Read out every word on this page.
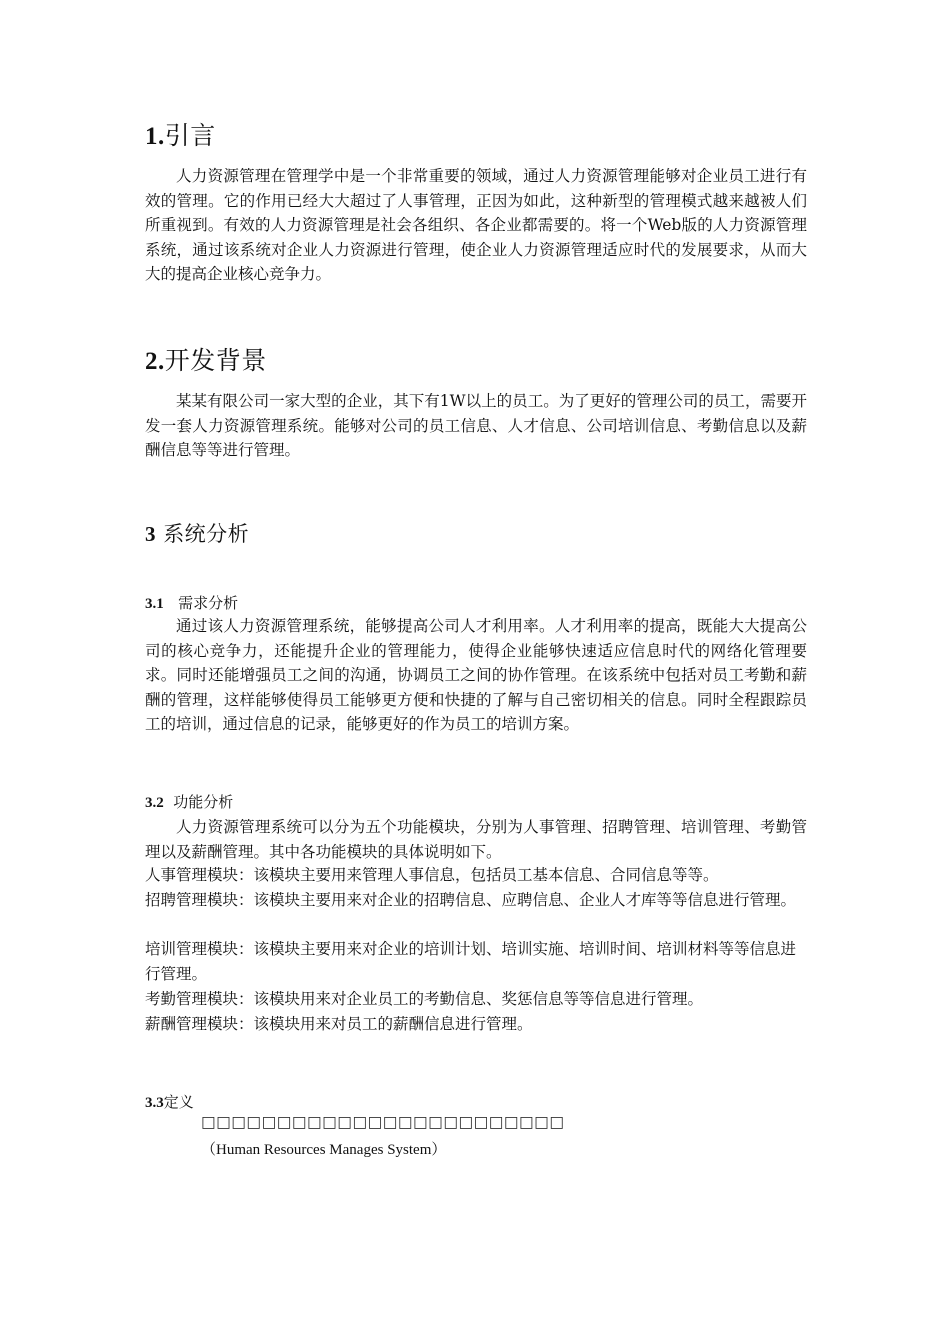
1.引言
人力资源管理在管理学中是一个非常重要的领域，通过人力资源管理能够对企业员工进行有效的管理。它的作用已经大大超过了人事管理，正因为如此，这种新型的管理模式越来越被人们所重视到。有效的人力资源管理是社会各组织、各企业都需要的。将一个Web版的人力资源管理系统，通过该系统对企业人力资源进行管理，使企业人力资源管理适应时代的发展要求，从而大大的提高企业核心竞争力。
2.开发背景
某某有限公司一家大型的企业，其下有1W以上的员工。为了更好的管理公司的员工，需要开发一套人力资源管理系统。能够对公司的员工信息、人才信息、公司培训信息、考勤信息以及薪酬信息等等进行管理。
3 系统分析
3.1 需求分析
通过该人力资源管理系统，能够提高公司人才利用率。人才利用率的提高，既能大大提高公司的核心竞争力，还能提升企业的管理能力，使得企业能够快速适应信息时代的网络化管理要求。同时还能增强员工之间的沟通，协调员工之间的协作管理。在该系统中包括对员工考勤和薪酬的管理，这样能够使得员工能够更方便和快捷的了解与自己密切相关的信息。同时全程跟踪员工的培训，通过信息的记录，能够更好的作为员工的培训方案。
3.2 功能分析
人力资源管理系统可以分为五个功能模块，分别为人事管理、招聘管理、培训管理、考勤管理以及薪酬管理。其中各功能模块的具体说明如下。
人事管理模块：该模块主要用来管理人事信息，包括员工基本信息、合同信息等等。
招聘管理模块：该模块主要用来对企业的招聘信息、应聘信息、企业人才库等等信息进行管理。
培训管理模块：该模块主要用来对企业的培训计划、培训实施、培训时间、培训材料等等信息进行管理。
考勤管理模块：该模块用来对企业员工的考勤信息、奖惩信息等等信息进行管理。
薪酬管理模块：该模块用来对员工的薪酬信息进行管理。
3.3定义
□□□□□□□□□□□□□□□□□□□□□□□□
（Human Resources Manages System）
